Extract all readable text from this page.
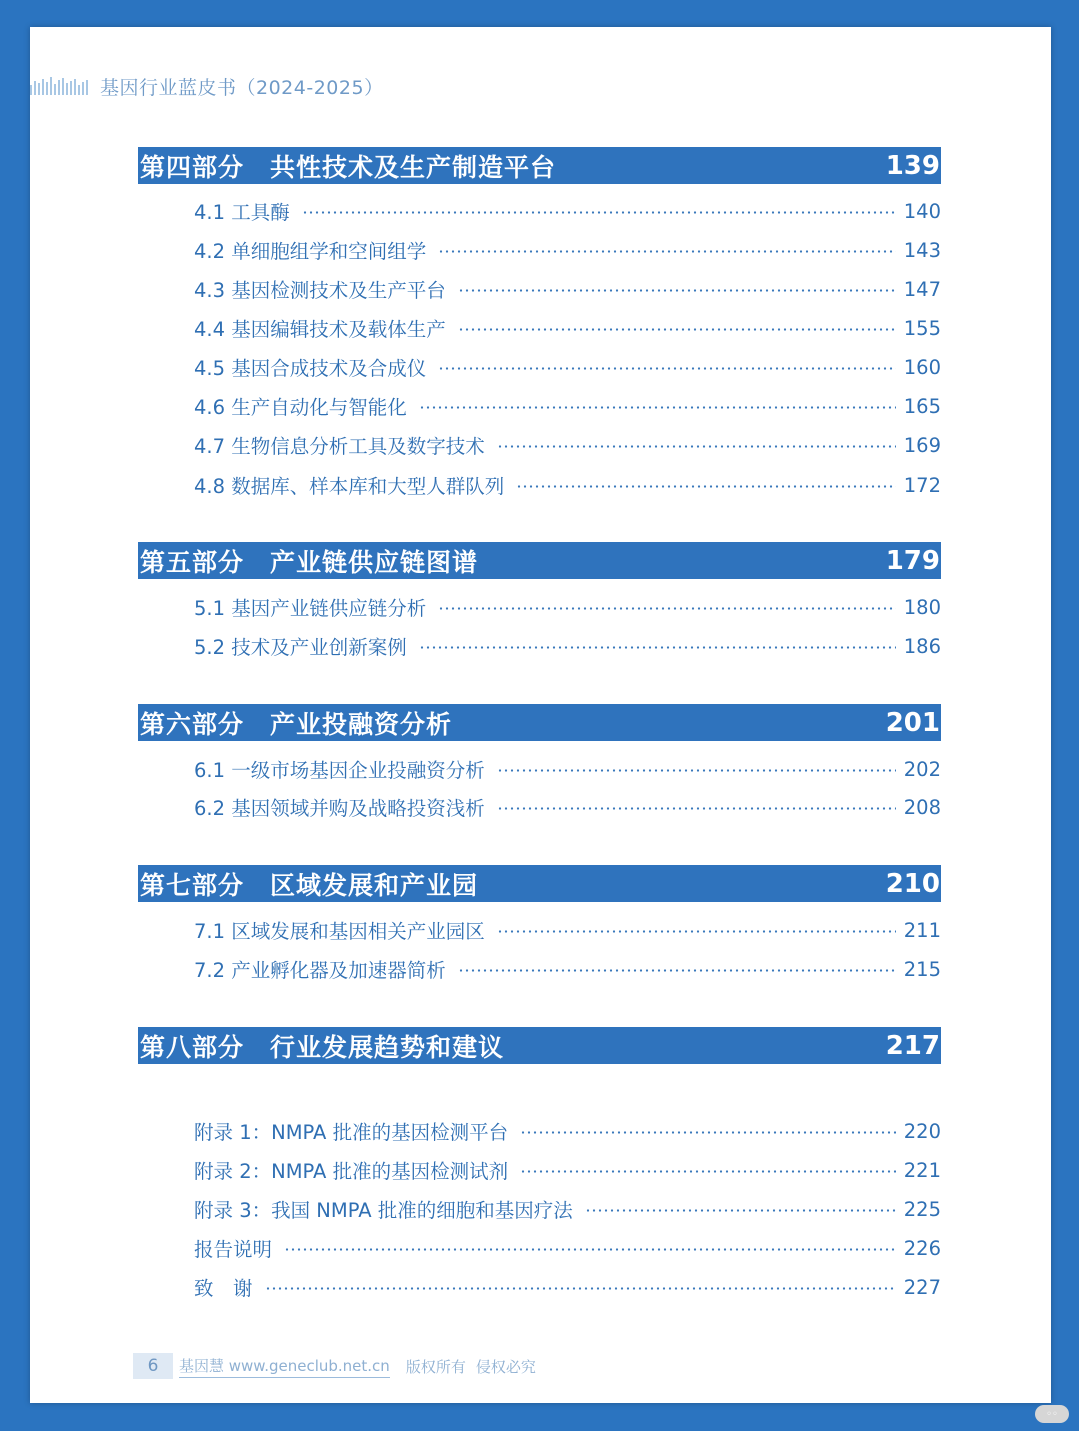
基因行业蓝皮书（2024-2025）
第四部分　共性技术及生产制造平台	139
4.1 工具酶	140
4.2 单细胞组学和空间组学	143
4.3 基因检测技术及生产平台	147
4.4 基因编辑技术及载体生产	155
4.5 基因合成技术及合成仪	160
4.6 生产自动化与智能化	165
4.7 生物信息分析工具及数字技术	169
4.8 数据库、样本库和大型人群队列	172
第五部分　产业链供应链图谱	179
5.1 基因产业链供应链分析	180
5.2 技术及产业创新案例	186
第六部分　产业投融资分析	201
6.1 一级市场基因企业投融资分析	202
6.2 基因领域并购及战略投资浅析	208
第七部分　区域发展和产业园	210
7.1 区域发展和基因相关产业园区	211
7.2 产业孵化器及加速器简析	215
第八部分　行业发展趋势和建议	217
附录 1：NMPA 批准的基因检测平台	220
附录 2：NMPA 批准的基因检测试剂	221
附录 3：我国 NMPA 批准的细胞和基因疗法	225
报告说明	226
致　谢	227
6	基因慧 www.geneclub.net.cn 版权所有 侵权必究
◦◦
